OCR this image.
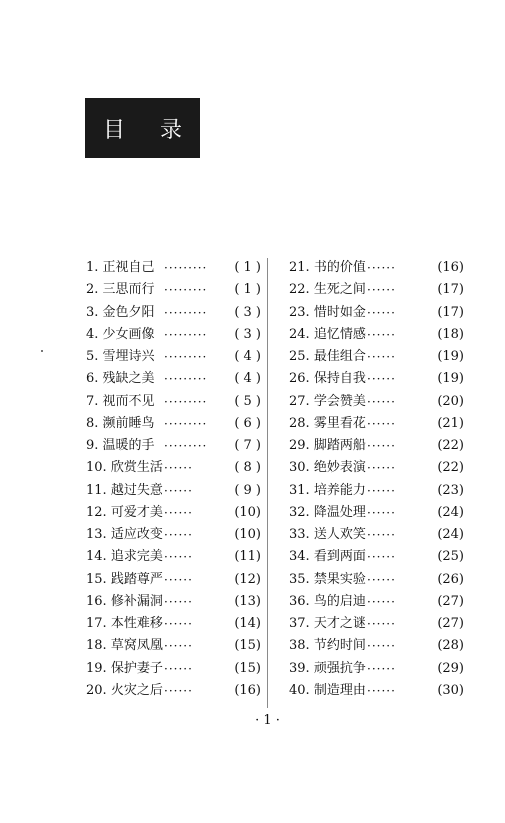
目 录
1. 正视自己 ········· ( 1 )
2. 三思而行 ········· ( 1 )
3. 金色夕阳 ········· ( 3 )
4. 少女画像 ········· ( 3 )
5. 雪埋诗兴 ········· ( 4 )
6. 残缺之美 ········· ( 4 )
7. 视而不见 ········· ( 5 )
8. 濒前睡鸟 ········· ( 6 )
9. 温暖的手 ········· ( 7 )
10. 欣赏生活 ······	( 8 )
11. 越过失意 ······	( 9 )
12. 可爱才美 ······	(10)
13. 适应改变 ······	(10)
14. 追求完美 ······	(11)
15. 践踏尊严 ······	(12)
16. 修补漏洞 ······	(13)
17. 本性难移 ······	(14)
18. 草窝凤凰 ······	(15)
19. 保护妻子 ······	(15)
20. 火灾之后 ······	(16)
21. 书的价值 ······	(16)
22. 生死之间 ······	(17)
23. 惜时如金 ······	(17)
24. 追忆情感 ······	(18)
25. 最佳组合 ······	(19)
26. 保持自我 ······	(19)
27. 学会赞美 ······	(20)
28. 雾里看花 ······	(21)
29. 脚踏两船 ······	(22)
30. 绝妙表演 ······	(22)
31. 培养能力 ······	(23)
32. 降温处理 ······	(24)
33. 送人欢笑 ······	(24)
34. 看到两面 ······	(25)
35. 禁果实验 ······	(26)
36. 鸟的启迪 ······	(27)
37. 天才之谜 ······	(27)
38. 节约时间 ······	(28)
39. 顽强抗争 ······	(29)
40. 制造理由 ······	(30)
· 1 ·
